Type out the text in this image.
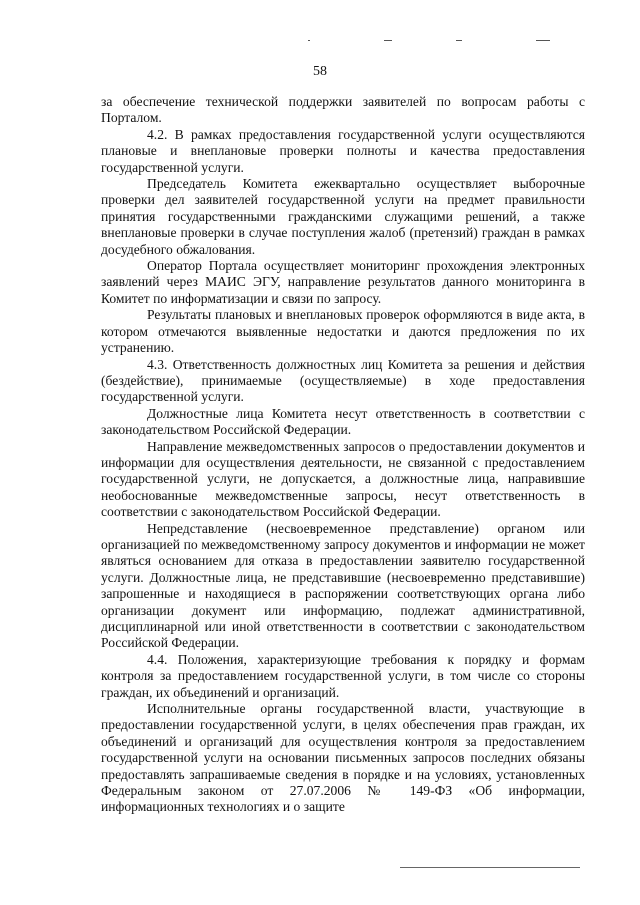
58

за обеспечение технической поддержки заявителей по вопросам работы с Порталом.

4.2. В рамках предоставления государственной услуги осуществляются плановые и внеплановые проверки полноты и качества предоставления государственной услуги.

Председатель Комитета ежеквартально осуществляет выборочные проверки дел заявителей государственной услуги на предмет правильности принятия государственными гражданскими служащими решений, а также внеплановые проверки в случае поступления жалоб (претензий) граждан в рамках досудебного обжалования.

Оператор Портала осуществляет мониторинг прохождения электронных заявлений через МАИС ЭГУ, направление результатов данного мониторинга в Комитет по информатизации и связи по запросу.

Результаты плановых и внеплановых проверок оформляются в виде акта, в котором отмечаются выявленные недостатки и даются предложения по их устранению.

4.3. Ответственность должностных лиц Комитета за решения и действия (бездействие), принимаемые (осуществляемые) в ходе предоставления государственной услуги.

Должностные лица Комитета несут ответственность в соответствии с законодательством Российской Федерации.

Направление межведомственных запросов о предоставлении документов и информации для осуществления деятельности, не связанной с предоставлением государственной услуги, не допускается, а должностные лица, направившие необоснованные межведомственные запросы, несут ответственность в соответствии с законодательством Российской Федерации.

Непредставление (несвоевременное представление) органом или организацией по межведомственному запросу документов и информации не может являться основанием для отказа в предоставлении заявителю государственной услуги. Должностные лица, не представившие (несвоевременно представившие) запрошенные и находящиеся в распоряжении соответствующих органа либо организации документ или информацию, подлежат административной, дисциплинарной или иной ответственности в соответствии с законодательством Российской Федерации.

4.4. Положения, характеризующие требования к порядку и формам контроля за предоставлением государственной услуги, в том числе со стороны граждан, их объединений и организаций.

Исполнительные органы государственной власти, участвующие в предоставлении государственной услуги, в целях обеспечения прав граждан, их объединений и организаций для осуществления контроля за предоставлением государственной услуги на основании письменных запросов последних обязаны предоставлять запрашиваемые сведения в порядке и на условиях, установленных Федеральным законом от 27.07.2006 № 149-ФЗ «Об информации, информационных технологиях и о защите
